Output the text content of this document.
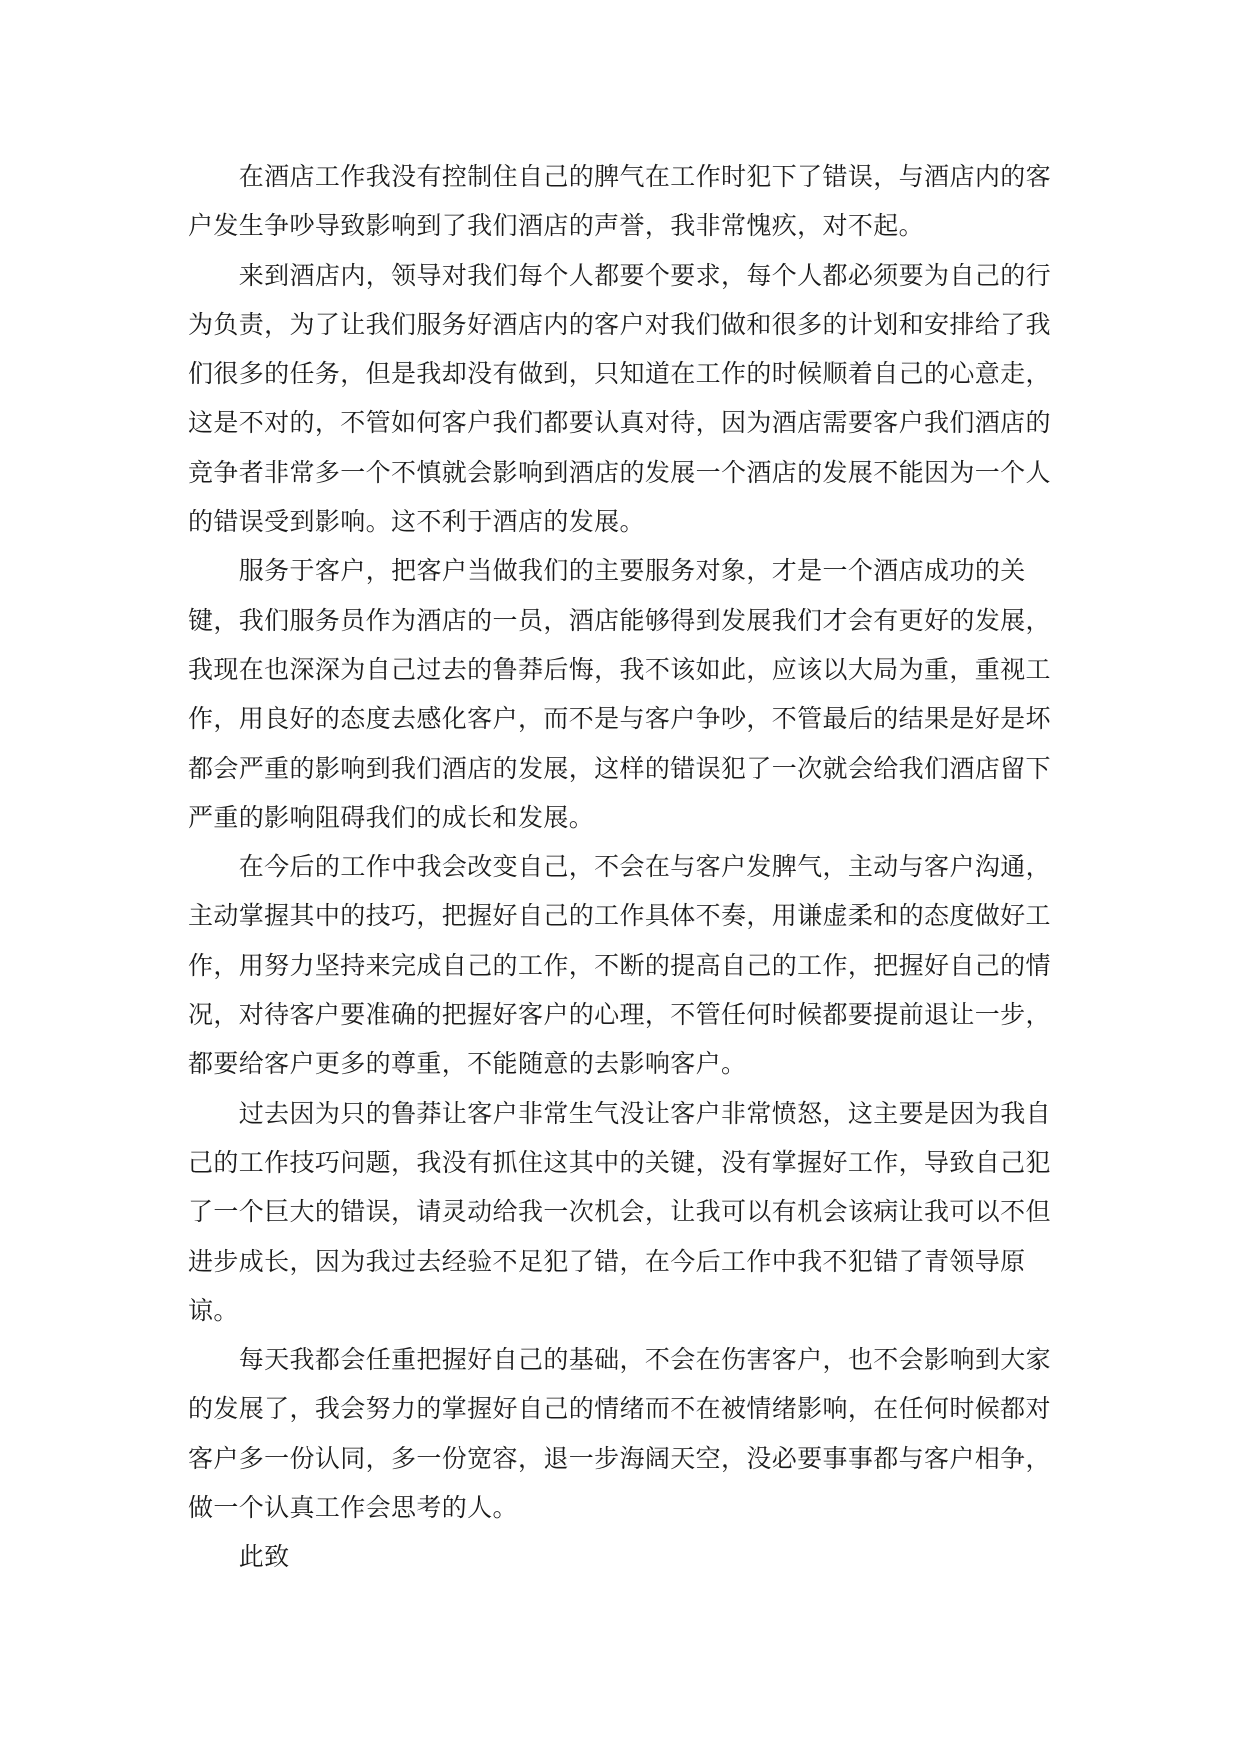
在酒店工作我没有控制住自己的脾气在工作时犯下了错误，与酒店内的客
户发生争吵导致影响到了我们酒店的声誉，我非常愧疚，对不起。
来到酒店内，领导对我们每个人都要个要求，每个人都必须要为自己的行
为负责，为了让我们服务好酒店内的客户对我们做和很多的计划和安排给了我
们很多的任务，但是我却没有做到，只知道在工作的时候顺着自己的心意走，
这是不对的，不管如何客户我们都要认真对待，因为酒店需要客户我们酒店的
竞争者非常多一个不慎就会影响到酒店的发展一个酒店的发展不能因为一个人
的错误受到影响。这不利于酒店的发展。
服务于客户，把客户当做我们的主要服务对象，才是一个酒店成功的关
键，我们服务员作为酒店的一员，酒店能够得到发展我们才会有更好的发展，
我现在也深深为自己过去的鲁莽后悔，我不该如此，应该以大局为重，重视工
作，用良好的态度去感化客户，而不是与客户争吵，不管最后的结果是好是坏
都会严重的影响到我们酒店的发展，这样的错误犯了一次就会给我们酒店留下
严重的影响阻碍我们的成长和发展。
在今后的工作中我会改变自己，不会在与客户发脾气，主动与客户沟通，
主动掌握其中的技巧，把握好自己的工作具体不奏，用谦虚柔和的态度做好工
作，用努力坚持来完成自己的工作，不断的提高自己的工作，把握好自己的情
况，对待客户要准确的把握好客户的心理，不管任何时候都要提前退让一步，
都要给客户更多的尊重，不能随意的去影响客户。
过去因为只的鲁莽让客户非常生气没让客户非常愤怒，这主要是因为我自
己的工作技巧问题，我没有抓住这其中的关键，没有掌握好工作，导致自己犯
了一个巨大的错误，请灵动给我一次机会，让我可以有机会该病让我可以不但
进步成长，因为我过去经验不足犯了错，在今后工作中我不犯错了青领导原
谅。
每天我都会任重把握好自己的基础，不会在伤害客户，也不会影响到大家
的发展了，我会努力的掌握好自己的情绪而不在被情绪影响，在任何时候都对
客户多一份认同，多一份宽容，退一步海阔天空，没必要事事都与客户相争，
做一个认真工作会思考的人。
此致
